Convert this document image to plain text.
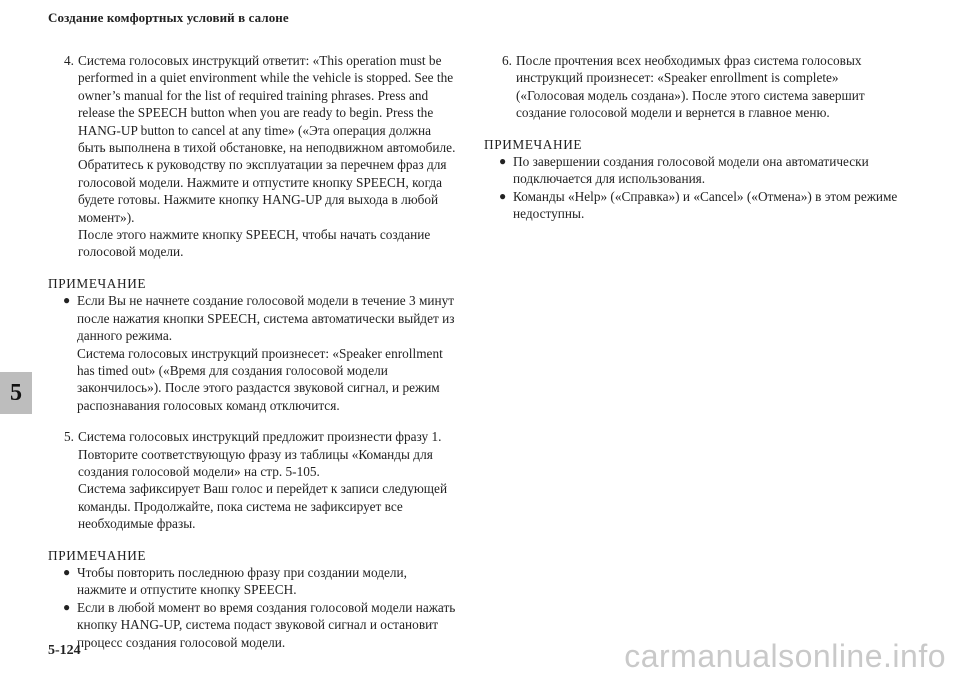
Создание комфортных условий в салоне
5
4. Система голосовых инструкций ответит: «This operation must be performed in a quiet environment while the vehicle is stopped. See the owner’s manual for the list of required training phrases. Press and release the SPEECH button when you are ready to begin. Press the HANG-UP button to cancel at any time» («Эта операция должна быть выполнена в тихой обстановке, на неподвижном автомобиле. Обратитесь к руководству по эксплуатации за перечнем фраз для голосовой модели. Нажмите и отпустите кнопку SPEECH, когда будете готовы. Нажмите кнопку HANG-UP для выхода в любой момент»).

После этого нажмите кнопку SPEECH, чтобы начать создание голосовой модели.

ПРИМЕЧАНИЕ

● Если Вы не начнете создание голосовой модели в течение 3 минут после нажатия кнопки SPEECH, система автоматически выйдет из данного режима.

Система голосовых инструкций произнесет: «Speaker enrollment has timed out» («Время для создания голосовой модели закончилось»). После этого раздастся звуковой сигнал, и режим распознавания голосовых команд отключится.

5. Система голосовых инструкций предложит произнести фразу 1. Повторите соответствующую фразу из таблицы «Команды для создания голосовой модели» на стр. 5-105.

Система зафиксирует Ваш голос и перейдет к записи следующей команды. Продолжайте, пока система не зафиксирует все необходимые фразы.

ПРИМЕЧАНИЕ

● Чтобы повторить последнюю фразу при создании модели, нажмите и отпустите кнопку SPEECH.
● Если в любой момент во время создания голосовой модели нажать кнопку HANG-UP, система подаст звуковой сигнал и остановит процесс создания голосовой модели.
6. После прочтения всех необходимых фраз система голосовых инструкций произнесет: «Speaker enrollment is complete» («Голосовая модель создана»). После этого система завершит создание голосовой модели и вернется в главное меню.

ПРИМЕЧАНИЕ

● По завершении создания голосовой модели она автоматически подключается для использования.
● Команды «Help» («Справка») и «Cancel» («Отмена») в этом режиме недоступны.
5-124	carmanualsonline.info
